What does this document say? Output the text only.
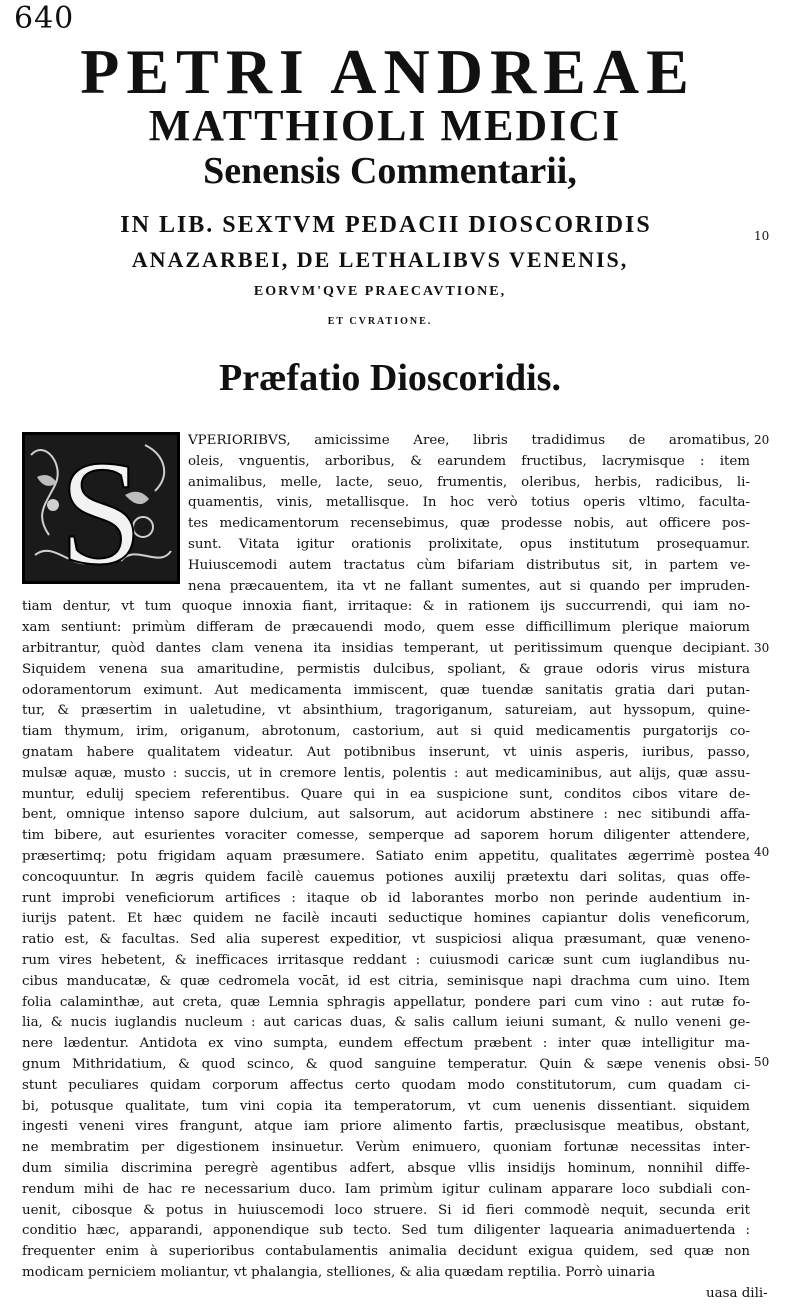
640
PETRI ANDREAE
MATTHIOLI MEDICI
Senensis Commentarii,
IN LIB. SEXTVM PEDACII DIOSCORIDIS
ANAZARBEI, DE LETHALIBVS VENENIS,
EORVM'QVE PRAECAVTIONE,
ET CVRATIONE.
Præfatio Dioscoridis.
S	VPERIORIBVS, amicissime Aree, libris tradidimus de aromatibus,
oleis, vnguentis, arboribus, & earundem fructibus, lacrymisque : item
animalibus, melle, lacte, seuo, frumentis, oleribus, herbis, radicibus, li-
quamentis, vinis, metallisque. In hoc verò totius operis vltimo, facultа-
tes medicamentorum recensebimus, quæ prodesse nobis, aut officere pos-
sunt. Vitata igitur orationis prolixitate, opus institutum prosequamur.
Huiuscemodi autem tractatus cùm bifariam distributus sit, in partem ve-
nena præcauentem, ita vt ne fallant sumentes, aut si quando per impruden-
tiam dentur, vt tum quoque innoxia fiant, irritaque: & in rationem ijs succurrendi, qui iam no-
xam sentiunt: primùm differam de præcauendi modo, quem esse difficillimum plerique maiorum
arbitrantur, quòd dantes clam venena ita insidias temperant, ut peritissimum quenque decipiant.
Siquidem venena sua amaritudine, permistis dulcibus, spoliant, & graue odoris virus mistura
odoramentorum eximunt. Aut medicamenta immiscent, quæ tuendæ sanitatis gratia dari putan-
tur, & præsertim in ualetudine, vt absinthium, tragoriganum, satureiam, aut hyssopum, quine-
tiam thymum, irim, origanum, abrotonum, castorium, aut si quid medicamentis purgatorijs co-
gnatam habere qualitatem videatur. Aut potibnibus inserunt, vt uinis asperis, iuribus, passo,
mulsæ aquæ, musto : succis, ut in cremore lentis, polentis : aut medicaminibus, aut alijs, quæ assu-
muntur, edulij speciem referentibus. Quare qui in ea suspicione sunt, conditos cibos vitare de-
bent, omnique intenso sapore dulcium, aut salsorum, aut acidorum abstinere : nec sitibundi affa-
tim bibere, aut esurientes voraciter comesse, semperque ad saporem horum diligenter attendere,
præsertimq; potu frigidam aquam præsumere. Satiato enim appetitu, qualitates ægerrimè postea
concoquuntur. In ægris quidem facilè cauemus potiones auxilij prætextu dari solitas, quas offe-
runt improbi veneficiorum artifices : itaque ob id laborantes morbo non perinde audentium in-
iurijs patent. Et hæc quidem ne facilè incauti seductique homines capiantur dolis veneficorum,
ratio est, & facultas. Sed alia superest expeditior, vt suspiciosi aliqua præsumant, quæ veneno-
rum vires hebetent, & inefficaces irritasque reddant : cuiusmodi caricæ sunt cum iuglandibus nu-
cibus manducatæ, & quæ cedromela vocāt, id est citria, seminisque napi drachma cum uino. Item
folia calaminthæ, aut creta, quæ Lemnia sphragis appellatur, pondere pari cum vino : aut rutæ fo-
lia, & nucis iuglandis nucleum : aut caricas duas, & salis callum ieiuni sumant, & nullo veneni ge-
nere lædentur. Antidota ex vino sumpta, eundem effectum præbent : inter quæ intelligitur ma-
gnum Mithridatium, & quod scinco, & quod sanguine temperatur. Quin & sæpe venenis obsi-
stunt peculiares quidam corporum affectus certo quodam modo constitutorum, cum quadam ci-
bi, potusque qualitate, tum vini copia ita temperatorum, vt cum uenenis dissentiant. siquidem
ingesti veneni vires frangunt, atque iam priore alimento fartis, præclusisque meatibus, obstant,
ne membratim per digestionem insinuetur. Verùm enimuero, quoniam fortunæ necessitas inter-
dum similia discrimina peregrè agentibus adfert, absque vllis insidijs hominum, nonnihil diffe-
rendum mihi de hac re necessarium duco. Iam primùm igitur culinam apparare loco subdiali con-
uenit, cibosque & potus in huiuscemodi loco struere. Si id fieri commodè nequit, secunda erit
conditio hæc, apparandi, apponendique sub tecto. Sed tum diligenter laquearia animaduertenda :
frequenter enim à superioribus contabulamentis animalia decidunt exigua quidem, sed quæ non
modicam perniciem moliantur, vt phalangia, stelliones, & alia quædam reptilia. Porrò uinaria
uasa dili-
10
20
30
40
50
